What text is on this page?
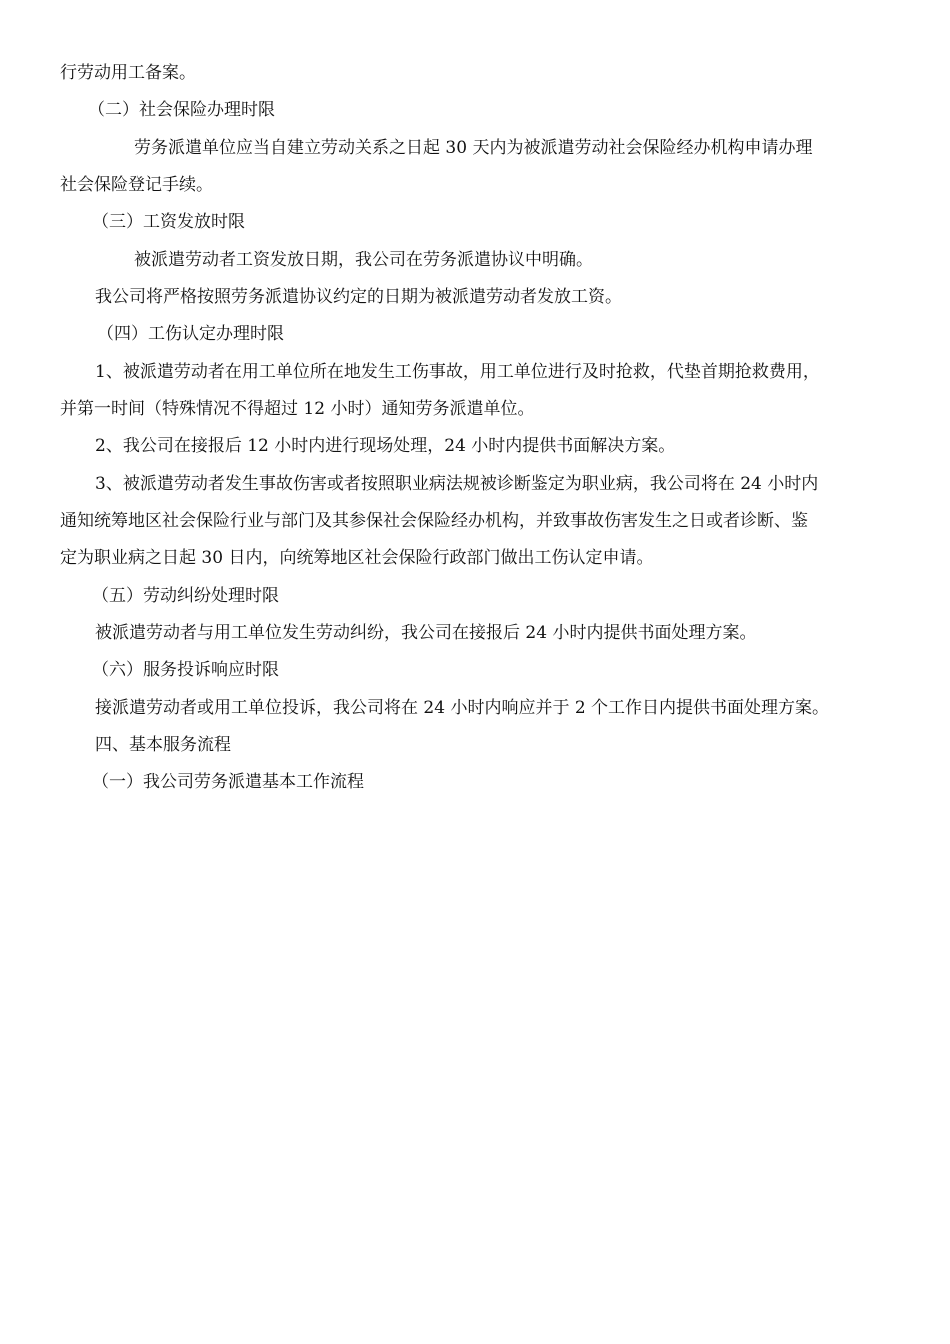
行劳动用工备案。
（二）社会保险办理时限
劳务派遣单位应当自建立劳动关系之日起 30 天内为被派遣劳动社会保险经办机构申请办理
社会保险登记手续。
（三）工资发放时限
被派遣劳动者工资发放日期，我公司在劳务派遣协议中明确。
我公司将严格按照劳务派遣协议约定的日期为被派遣劳动者发放工资。
（四）工伤认定办理时限
1、被派遣劳动者在用工单位所在地发生工伤事故，用工单位进行及时抢救，代垫首期抢救费用，
并第一时间（特殊情况不得超过 12 小时）通知劳务派遣单位。
2、我公司在接报后 12 小时内进行现场处理，24 小时内提供书面解决方案。
3、被派遣劳动者发生事故伤害或者按照职业病法规被诊断鉴定为职业病，我公司将在 24 小时内
通知统筹地区社会保险行业与部门及其参保社会保险经办机构，并致事故伤害发生之日或者诊断、鉴
定为职业病之日起 30 日内，向统筹地区社会保险行政部门做出工伤认定申请。
（五）劳动纠纷处理时限
被派遣劳动者与用工单位发生劳动纠纷，我公司在接报后 24 小时内提供书面处理方案。
（六）服务投诉响应时限
接派遣劳动者或用工单位投诉，我公司将在 24 小时内响应并于 2 个工作日内提供书面处理方案。
四、基本服务流程
（一）我公司劳务派遣基本工作流程
